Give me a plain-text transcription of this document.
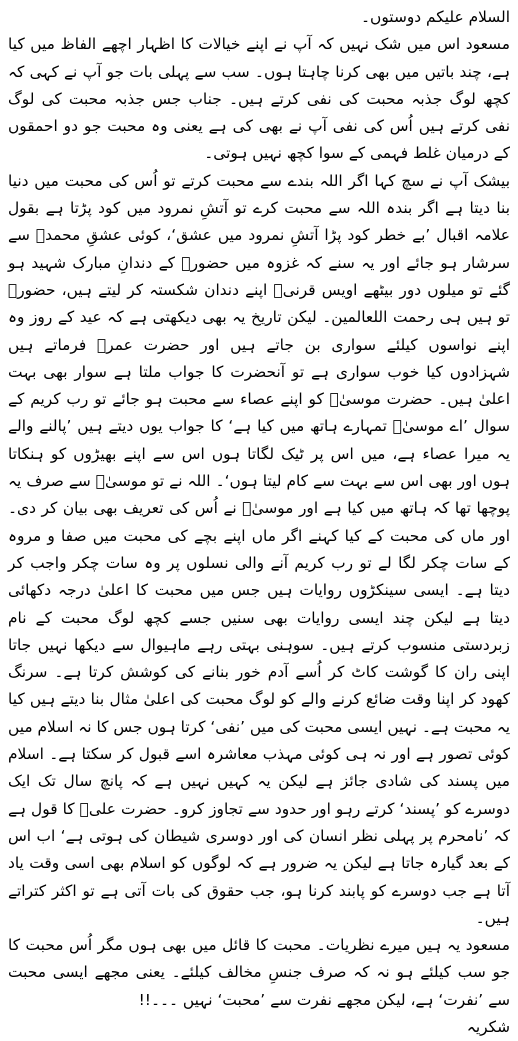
السلام علیکم دوستوں۔

مسعود اس میں شک نہیں کہ آپ نے اپنے خیالات کا اظہار اچھے الفاظ میں کیا ہے، چند باتیں میں بھی کرنا چاہتا ہوں۔ سب سے پہلی بات جو آپ نے کہی کہ کچھ لوگ جذبہ محبت کی نفی کرتے ہیں۔ جناب جس جذبہ محبت کی لوگ نفی کرتے ہیں اُس کی نفی آپ نے بھی کی ہے یعنی وہ محبت جو دو احمقوں کے درمیان غلط فہمی کے سوا کچھ نہیں ہوتی۔

بیشک آپ نے سچ کہا اگر اللہ بندے سے محبت کرتے تو اُس کی محبت میں دنیا بنا دیتا ہے اگر بندہ اللہ سے محبت کرے تو آتشِ نمرود میں کود پڑتا ہے بقول علامہ اقبال ’بے خطر کود پڑا آتشِ نمرود میں عشق‘، کوئی عشقِ محمدؐ سے سرشار ہو جائے اور یہ سنے کہ غزوہ میں حضورؐ کے دندانِ مبارک شہید ہو گئے تو میلوں دور بیٹھے اویس قرنیؓ اپنے دندان شکستہ کر لیتے ہیں، حضورؐ تو ہیں ہی رحمت اللعالمین۔ لیکن تاریخ یہ بھی دیکھتی ہے کہ عید کے روز وہ اپنے نواسوں کیلئے سواری بن جاتے ہیں اور حضرت عمرؓ فرماتے ہیں شہزادوں کیا خوب سواری ہے تو آنحضرت کا جواب ملتا ہے سوار بھی بہت اعلیٰ ہیں۔ حضرت موسیٰؑ کو اپنے عصاء سے محبت ہو جائے تو رب کریم کے سوال ’اے موسیٰؑ تمہارے ہاتھ میں کیا ہے‘ کا جواب یوں دیتے ہیں ’پالنے والے یہ میرا عصاء ہے، میں اس پر ٹیک لگاتا ہوں اس سے اپنے بھیڑوں کو ہنکاتا ہوں اور بھی اس سے بہت سے کام لیتا ہوں‘۔ اللہ نے تو موسیٰؑ سے صرف یہ پوچھا تھا کہ ہاتھ میں کیا ہے اور موسیٰؑ نے اُس کی تعریف بھی بیان کر دی۔ اور ماں کی محبت کے کیا کہنے اگر ماں اپنے بچے کی محبت میں صفا و مروہ کے سات چکر لگا لے تو رب کریم آنے والی نسلوں پر وہ سات چکر واجب کر دیتا ہے۔ ایسی سینکڑوں روایات ہیں جس میں محبت کا اعلیٰ درجہ دکھائی دیتا ہے لیکن چند ایسی روایات بھی سنیں جسے کچھ لوگ محبت کے نام زبردستی منسوب کرتے ہیں۔ سوہنی بہتی رہے ماہیوال سے دیکھا نہیں جاتا اپنی ران کا گوشت کاٹ کر اُسے آدم خور بنانے کی کوشش کرتا ہے۔ سرنگ کھود کر اپنا وقت ضائع کرنے والے کو لوگ محبت کی اعلیٰ مثال بنا دیتے ہیں کیا یہ محبت ہے۔ نہیں ایسی محبت کی میں ’نفی‘ کرتا ہوں جس کا نہ اسلام میں کوئی تصور ہے اور نہ ہی کوئی مہذب معاشرہ اسے قبول کر سکتا ہے۔ اسلام میں پسند کی شادی جائز ہے لیکن یہ کہیں نہیں ہے کہ پانچ سال تک ایک دوسرے کو ’پسند‘ کرتے رہو اور حدود سے تجاوز کرو۔ حضرت علیؓ کا قول ہے کہ ’نامحرم پر پہلی نظر انسان کی اور دوسری شیطان کی ہوتی ہے‘ اب اس کے بعد گیارہ جاتا ہے لیکن یہ ضرور ہے کہ لوگوں کو اسلام بھی اسی وقت یاد آتا ہے جب دوسرے کو پابند کرنا ہو، جب حقوق کی بات آتی ہے تو اکثر کتراتے ہیں۔

مسعود یہ ہیں میرے نظریات۔ محبت کا قائل میں بھی ہوں مگر اُس محبت کا جو سب کیلئے ہو نہ کہ صرف جنسِ مخالف کیلئے۔ یعنی مجھے ایسی محبت سے ’نفرت‘ ہے، لیکن مجھے نفرت سے ’محبت‘ نہیں ۔۔۔!!

شکریہ
